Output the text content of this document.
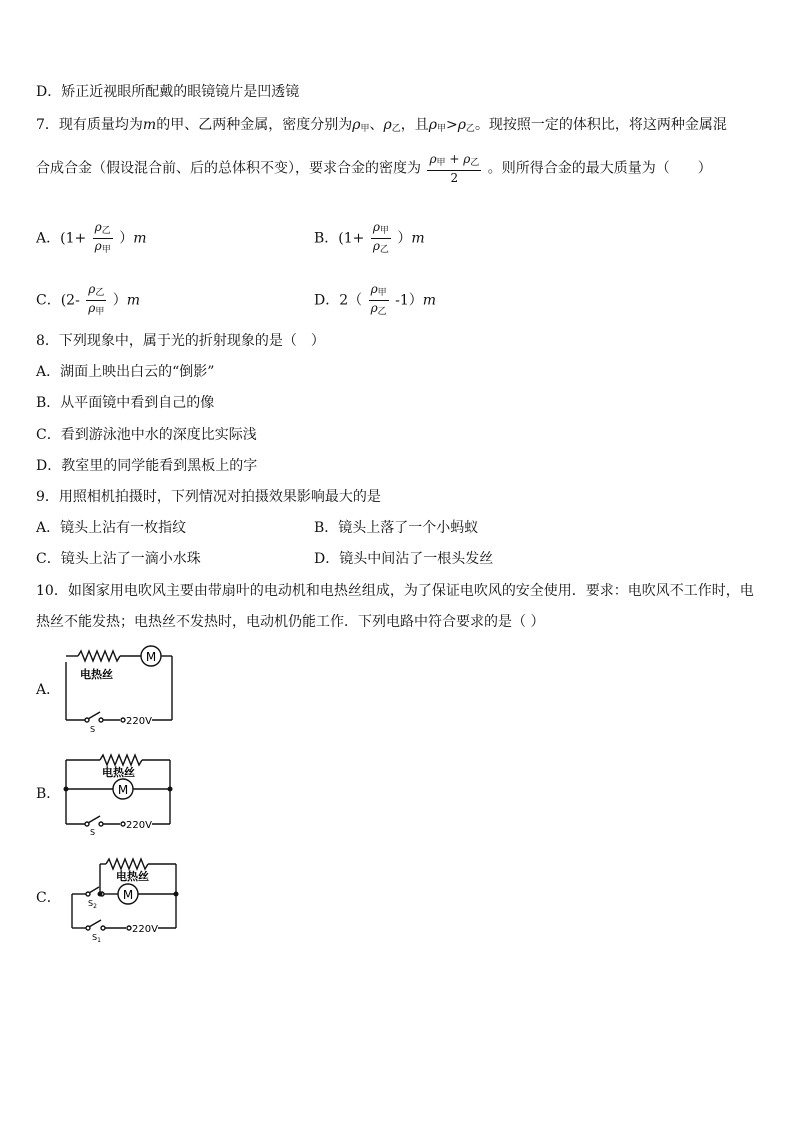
D．矫正近视眼所配戴的眼镜镜片是凹透镜
7．现有质量均为m的甲、乙两种金属，密度分别为$\rho_甲$、$\rho_乙$，且$\rho_甲>\rho_乙$。现按照一定的体积比，将这两种金属混
合成合金（假设混合前、后的总体积不变），要求合金的密度为 $\frac{\rho_甲 + \rho_乙}{2}$ 。则所得合金的最大质量为（　　）
A．$(1+ \frac{\rho_乙}{\rho_甲} )m$	B．$(1+ \frac{\rho_甲}{\rho_乙} )m$
C．$(2- \frac{\rho_乙}{\rho_甲} )m$	D．$2( \frac{\rho_甲}{\rho_乙} -1)m$
8．下列现象中，属于光的折射现象的是（　）
A．湖面上映出白云的“倒影”
B．从平面镜中看到自己的像
C．看到游泳池中水的深度比实际浅
D．教室里的同学能看到黑板上的字
9．用照相机拍摄时，下列情况对拍摄效果影响最大的是
A．镜头上沾有一枚指纹	B．镜头上落了一个小蚂蚁
C．镜头上沾了一滴小水珠	D．镜头中间沾了一根头发丝
10．如图家用电吹风主要由带扇叶的电动机和电热丝组成，为了保证电吹风的安全使用．要求：电吹风不工作时，电
热丝不能发热；电热丝不发热时，电动机仍能工作．下列电路中符合要求的是（ ）
A．
M
电热丝
S
220V
B．	M
电热丝
S
220V
C．	M
电热丝
$S_2$
$S_1$
220V
